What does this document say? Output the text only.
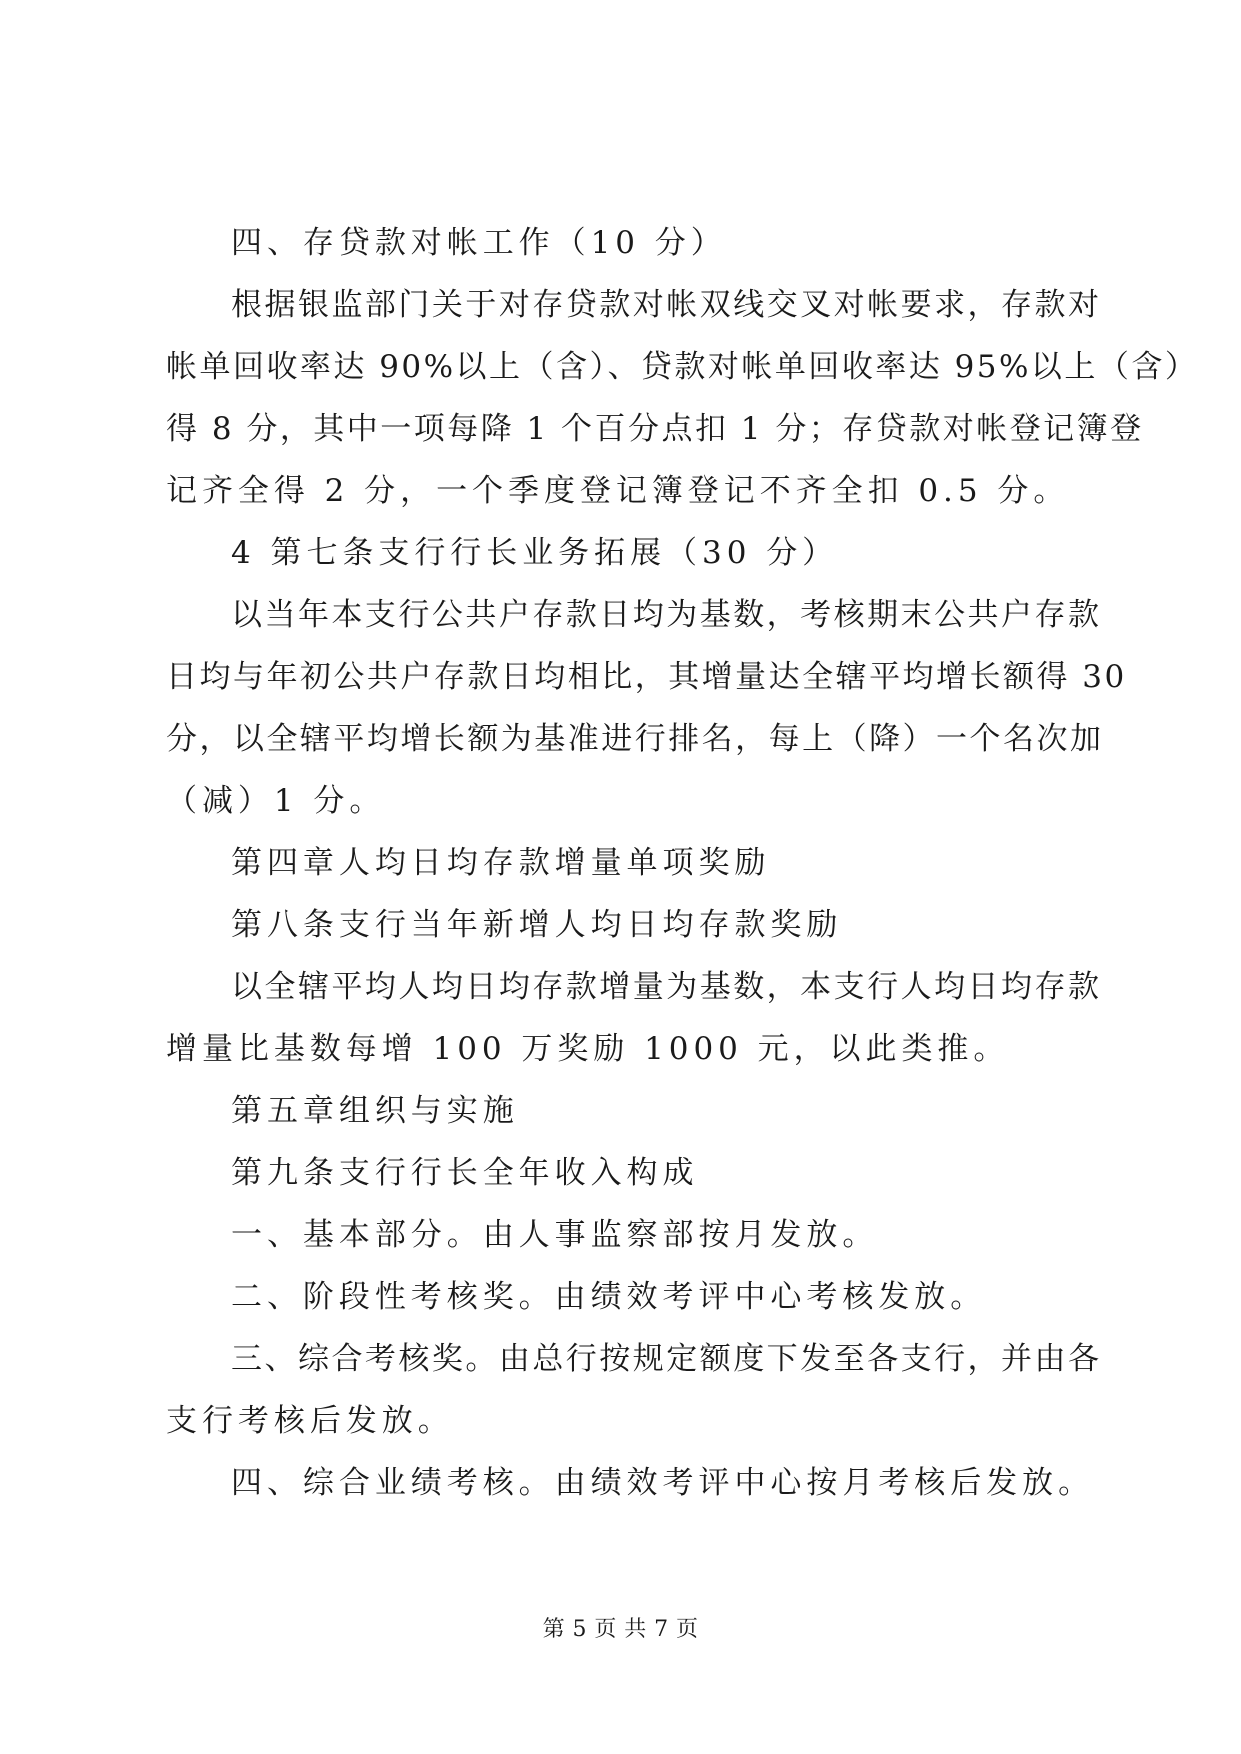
四、存贷款对帐工作（10 分）
根据银监部门关于对存贷款对帐双线交叉对帐要求，存款对
帐单回收率达 90%以上（含）、贷款对帐单回收率达 95%以上（含）
得 8 分，其中一项每降 1 个百分点扣 1 分；存贷款对帐登记簿登
记齐全得 2 分，一个季度登记簿登记不齐全扣 0.5 分。
4 第七条支行行长业务拓展（30 分）
以当年本支行公共户存款日均为基数，考核期末公共户存款
日均与年初公共户存款日均相比，其增量达全辖平均增长额得 30
分，以全辖平均增长额为基准进行排名，每上（降）一个名次加
（减）1 分。
第四章人均日均存款增量单项奖励
第八条支行当年新增人均日均存款奖励
以全辖平均人均日均存款增量为基数，本支行人均日均存款
增量比基数每增 100 万奖励 1000 元，以此类推。
第五章组织与实施
第九条支行行长全年收入构成
一、基本部分。由人事监察部按月发放。
二、阶段性考核奖。由绩效考评中心考核发放。
三、综合考核奖。由总行按规定额度下发至各支行，并由各
支行考核后发放。
四、综合业绩考核。由绩效考评中心按月考核后发放。
第 5 页 共 7 页
